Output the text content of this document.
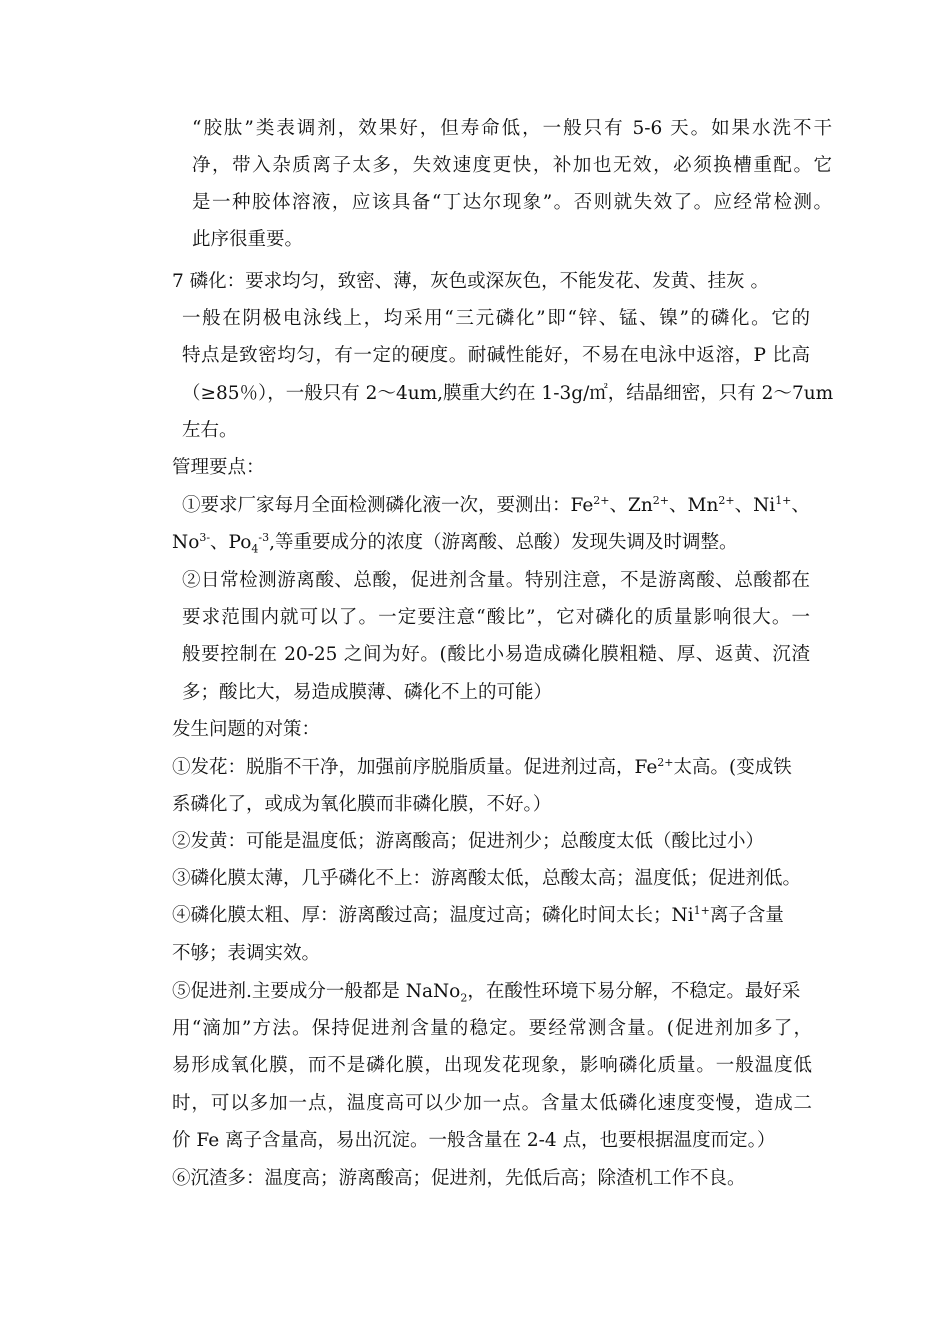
“胶肽”类表调剂，效果好，但寿命低，一般只有 5-6 天。如果水洗不干
净，带入杂质离子太多，失效速度更快，补加也无效，必须换槽重配。它
是一种胶体溶液，应该具备“丁达尔现象”。否则就失效了。应经常检测。
此序很重要。
7 磷化：要求均匀，致密、薄，灰色或深灰色，不能发花、发黄、挂灰 。
一般在阴极电泳线上，均采用“三元磷化”即“锌、锰、镍”的磷化。它的
特点是致密均匀，有一定的硬度。耐碱性能好，不易在电泳中返溶，P 比高
（≥85％），一般只有 2～4um,膜重大约在 1-3g/㎡，结晶细密，只有 2～7um
左右。
管理要点：
①要求厂家每月全面检测磷化液一次，要测出：$Fe^{2+}$、$Zn^{2+}$、$Mn^{2+}$、$Ni^{1+}$、
$No^{3-}$、$Po_4^{-3}$,等重要成分的浓度（游离酸、总酸）发现失调及时调整。
②日常检测游离酸、总酸，促进剂含量。特别注意，不是游离酸、总酸都在
要求范围内就可以了。一定要注意“酸比”，它对磷化的质量影响很大。一
般要控制在 20-25 之间为好。(酸比小易造成磷化膜粗糙、厚、返黄、沉渣
多；酸比大，易造成膜薄、磷化不上的可能）
发生问题的对策：
①发花：脱脂不干净，加强前序脱脂质量。促进剂过高，$Fe^{2+}$太高。(变成铁
系磷化了，或成为氧化膜而非磷化膜，不好。）
②发黄：可能是温度低；游离酸高；促进剂少；总酸度太低（酸比过小）
③磷化膜太薄，几乎磷化不上：游离酸太低，总酸太高；温度低；促进剂低。
④磷化膜太粗、厚：游离酸过高；温度过高；磷化时间太长；$Ni^{1+}$离子含量
不够；表调实效。
⑤促进剂.主要成分一般都是 NaNo$_2$，在酸性环境下易分解，不稳定。最好采
用“滴加”方法。保持促进剂含量的稳定。要经常测含量。(促进剂加多了，
易形成氧化膜，而不是磷化膜，出现发花现象，影响磷化质量。一般温度低
时，可以多加一点，温度高可以少加一点。含量太低磷化速度变慢，造成二
价 Fe 离子含量高，易出沉淀。一般含量在 2-4 点，也要根据温度而定。）
⑥沉渣多：温度高；游离酸高；促进剂，先低后高；除渣机工作不良。
